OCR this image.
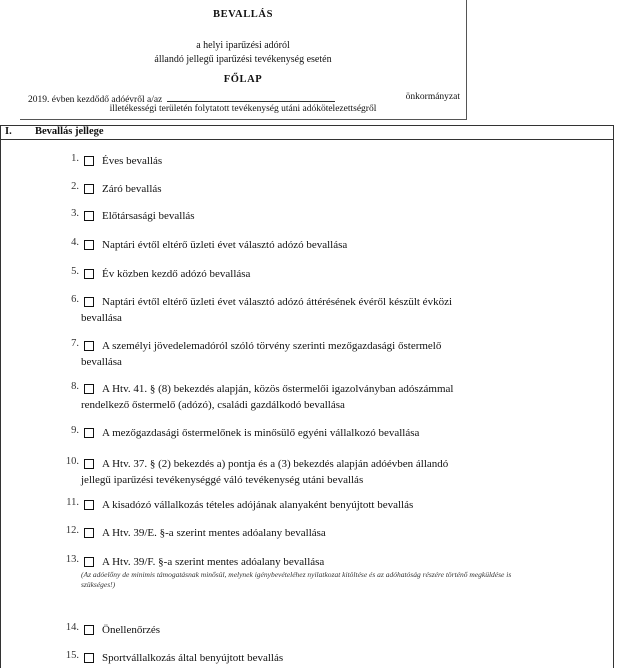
BEVALLÁS
a helyi iparűzési adóról
állandó jellegű iparűzési tevékenység esetén
FŐLAP
2019. évben kezdődő adóévről a/az	önkormányzat
illetékességi területén folytatott tevékenység utáni adókötelezettségről
I. Bevallás jellege
1. Éves bevallás
2. Záró bevallás
3. Előtársasági bevallás
4. Naptári évtől eltérő üzleti évet választó adózó bevallása
5. Év közben kezdő adózó bevallása
6. Naptári évtől eltérő üzleti évet választó adózó áttérésének évéről készült évközi
bevallása
7. A személyi jövedelemadóról szóló törvény szerinti mezőgazdasági őstermelő
bevallása
8. A Htv. 41. § (8) bekezdés alapján, közös őstermelői igazolványban adószámmal
rendelkező őstermelő (adózó), családi gazdálkodó bevallása
9. A mezőgazdasági őstermelőnek is minősülő egyéni vállalkozó bevallása
10. A Htv. 37. § (2) bekezdés a) pontja és a (3) bekezdés alapján adóévben állandó
jellegű iparűzési tevékenységgé váló tevékenység utáni bevallás
11. A kisadózó vállalkozás tételes adójának alanyaként benyújtott bevallás
12. A Htv. 39/E. §-a szerint mentes adóalany bevallása
13. A Htv. 39/F. §-a szerint mentes adóalany bevallása
(Az adóelőny de minimis támogatásnak minősül, melynek igénybevételéhez nyilatkozat kitöltése és az adóhatóság részére történő megküldése is szükséges!)
14. Önellenőrzés
15. Sportvállalkozás által benyújtott bevallás
